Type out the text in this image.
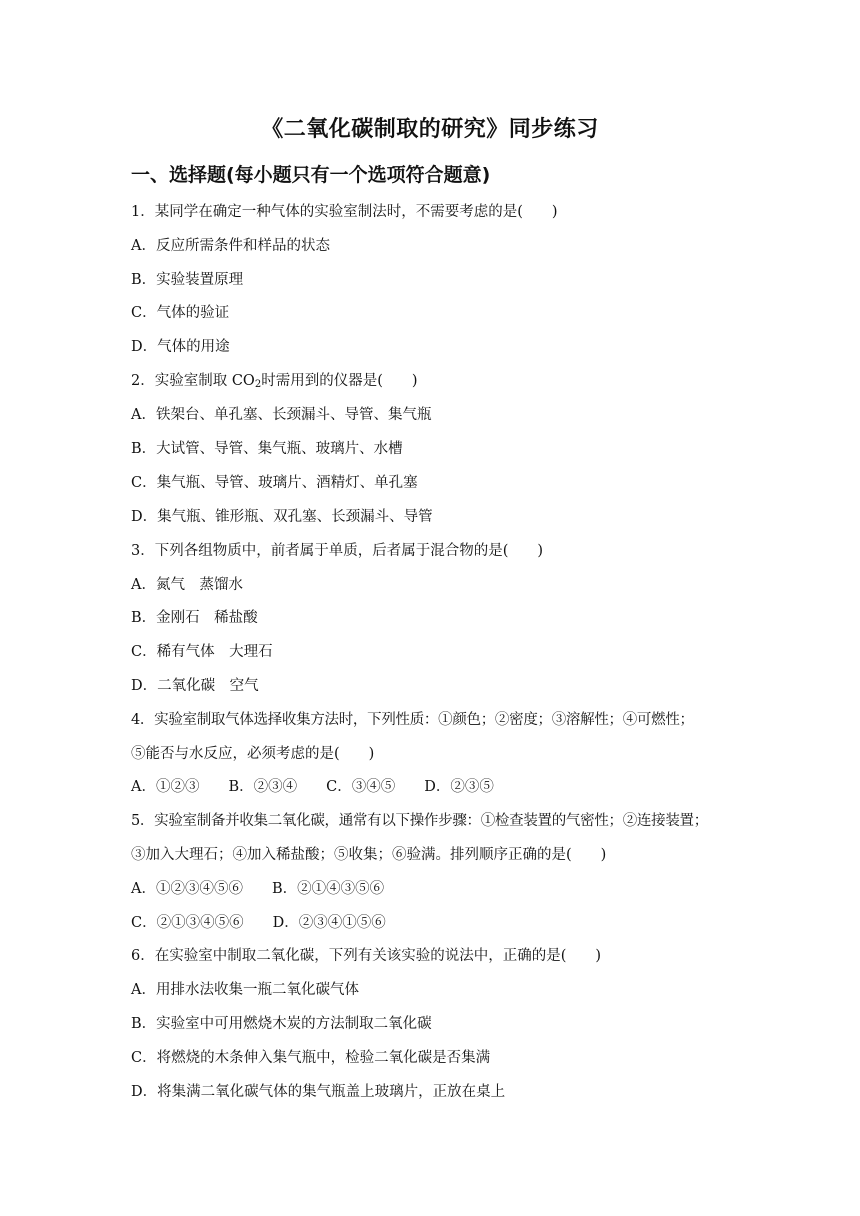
《二氧化碳制取的研究》同步练习
一、选择题(每小题只有一个选项符合题意)
1．某同学在确定一种气体的实验室制法时，不需要考虑的是(　　)
A．反应所需条件和样品的状态
B．实验装置原理
C．气体的验证
D．气体的用途
2．实验室制取 $CO_2$时需用到的仪器是(　　)
A．铁架台、单孔塞、长颈漏斗、导管、集气瓶
B．大试管、导管、集气瓶、玻璃片、水槽
C．集气瓶、导管、玻璃片、酒精灯、单孔塞
D．集气瓶、锥形瓶、双孔塞、长颈漏斗、导管
3．下列各组物质中，前者属于单质，后者属于混合物的是(　　)
A．氮气　蒸馏水
B．金刚石　稀盐酸
C．稀有气体　大理石
D．二氧化碳　空气
4．实验室制取气体选择收集方法时，下列性质：①颜色；②密度；③溶解性；④可燃性；
⑤能否与水反应，必须考虑的是(　　)
A．①②③　　B．②③④　　C．③④⑤　　D．②③⑤
5．实验室制备并收集二氧化碳，通常有以下操作步骤：①检查装置的气密性；②连接装置；
③加入大理石；④加入稀盐酸；⑤收集；⑥验满。排列顺序正确的是(　　)
A．①②③④⑤⑥　　B．②①④③⑤⑥
C．②①③④⑤⑥　　D．②③④①⑤⑥
6．在实验室中制取二氧化碳，下列有关该实验的说法中，正确的是(　　)
A．用排水法收集一瓶二氧化碳气体
B．实验室中可用燃烧木炭的方法制取二氧化碳
C．将燃烧的木条伸入集气瓶中，检验二氧化碳是否集满
D．将集满二氧化碳气体的集气瓶盖上玻璃片，正放在桌上
